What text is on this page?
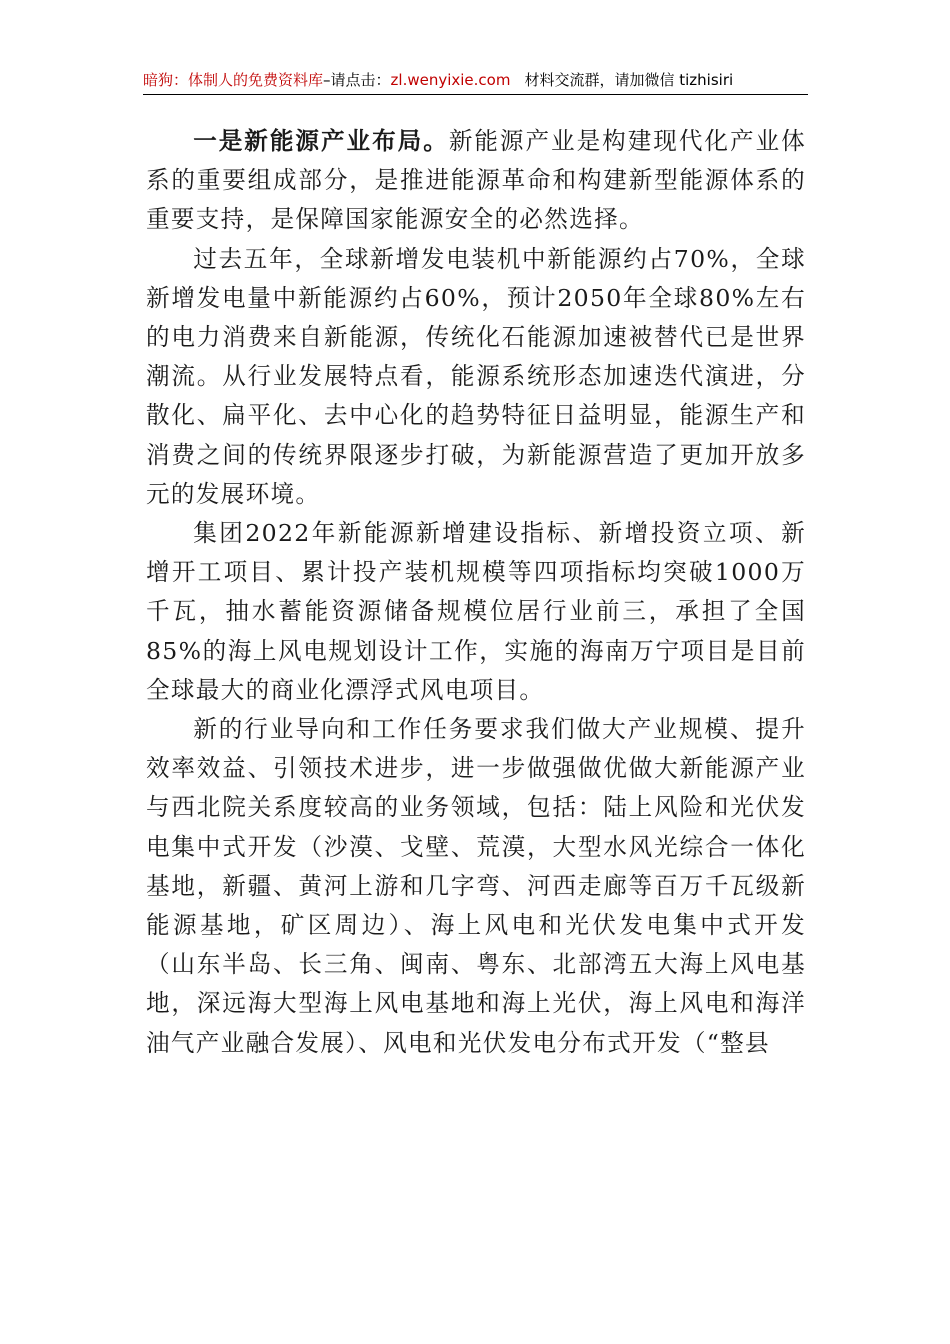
暗狗：体制人的免费资料库–请点击：zl.wenyixie.com 材料交流群，请加微信 tizhisiri

一是新能源产业布局。新能源产业是构建现代化产业体系的重要组成部分，是推进能源革命和构建新型能源体系的重要支持，是保障国家能源安全的必然选择。

过去五年，全球新增发电装机中新能源约占70%，全球新增发电量中新能源约占60%，预计2050年全球80%左右的电力消费来自新能源，传统化石能源加速被替代已是世界潮流。从行业发展特点看，能源系统形态加速迭代演进，分散化、扁平化、去中心化的趋势特征日益明显，能源生产和消费之间的传统界限逐步打破，为新能源营造了更加开放多元的发展环境。

集团2022年新能源新增建设指标、新增投资立项、新增开工项目、累计投产装机规模等四项指标均突破1000万千瓦，抽水蓄能资源储备规模位居行业前三，承担了全国85%的海上风电规划设计工作，实施的海南万宁项目是目前全球最大的商业化漂浮式风电项目。

新的行业导向和工作任务要求我们做大产业规模、提升效率效益、引领技术进步，进一步做强做优做大新能源产业与西北院关系度较高的业务领域，包括：陆上风险和光伏发电集中式开发（沙漠、戈壁、荒漠，大型水风光综合一体化基地，新疆、黄河上游和几字弯、河西走廊等百万千瓦级新能源基地，矿区周边）、海上风电和光伏发电集中式开发（山东半岛、长三角、闽南、粤东、北部湾五大海上风电基地，深远海大型海上风电基地和海上光伏，海上风电和海洋油气产业融合发展）、风电和光伏发电分布式开发（“整县
